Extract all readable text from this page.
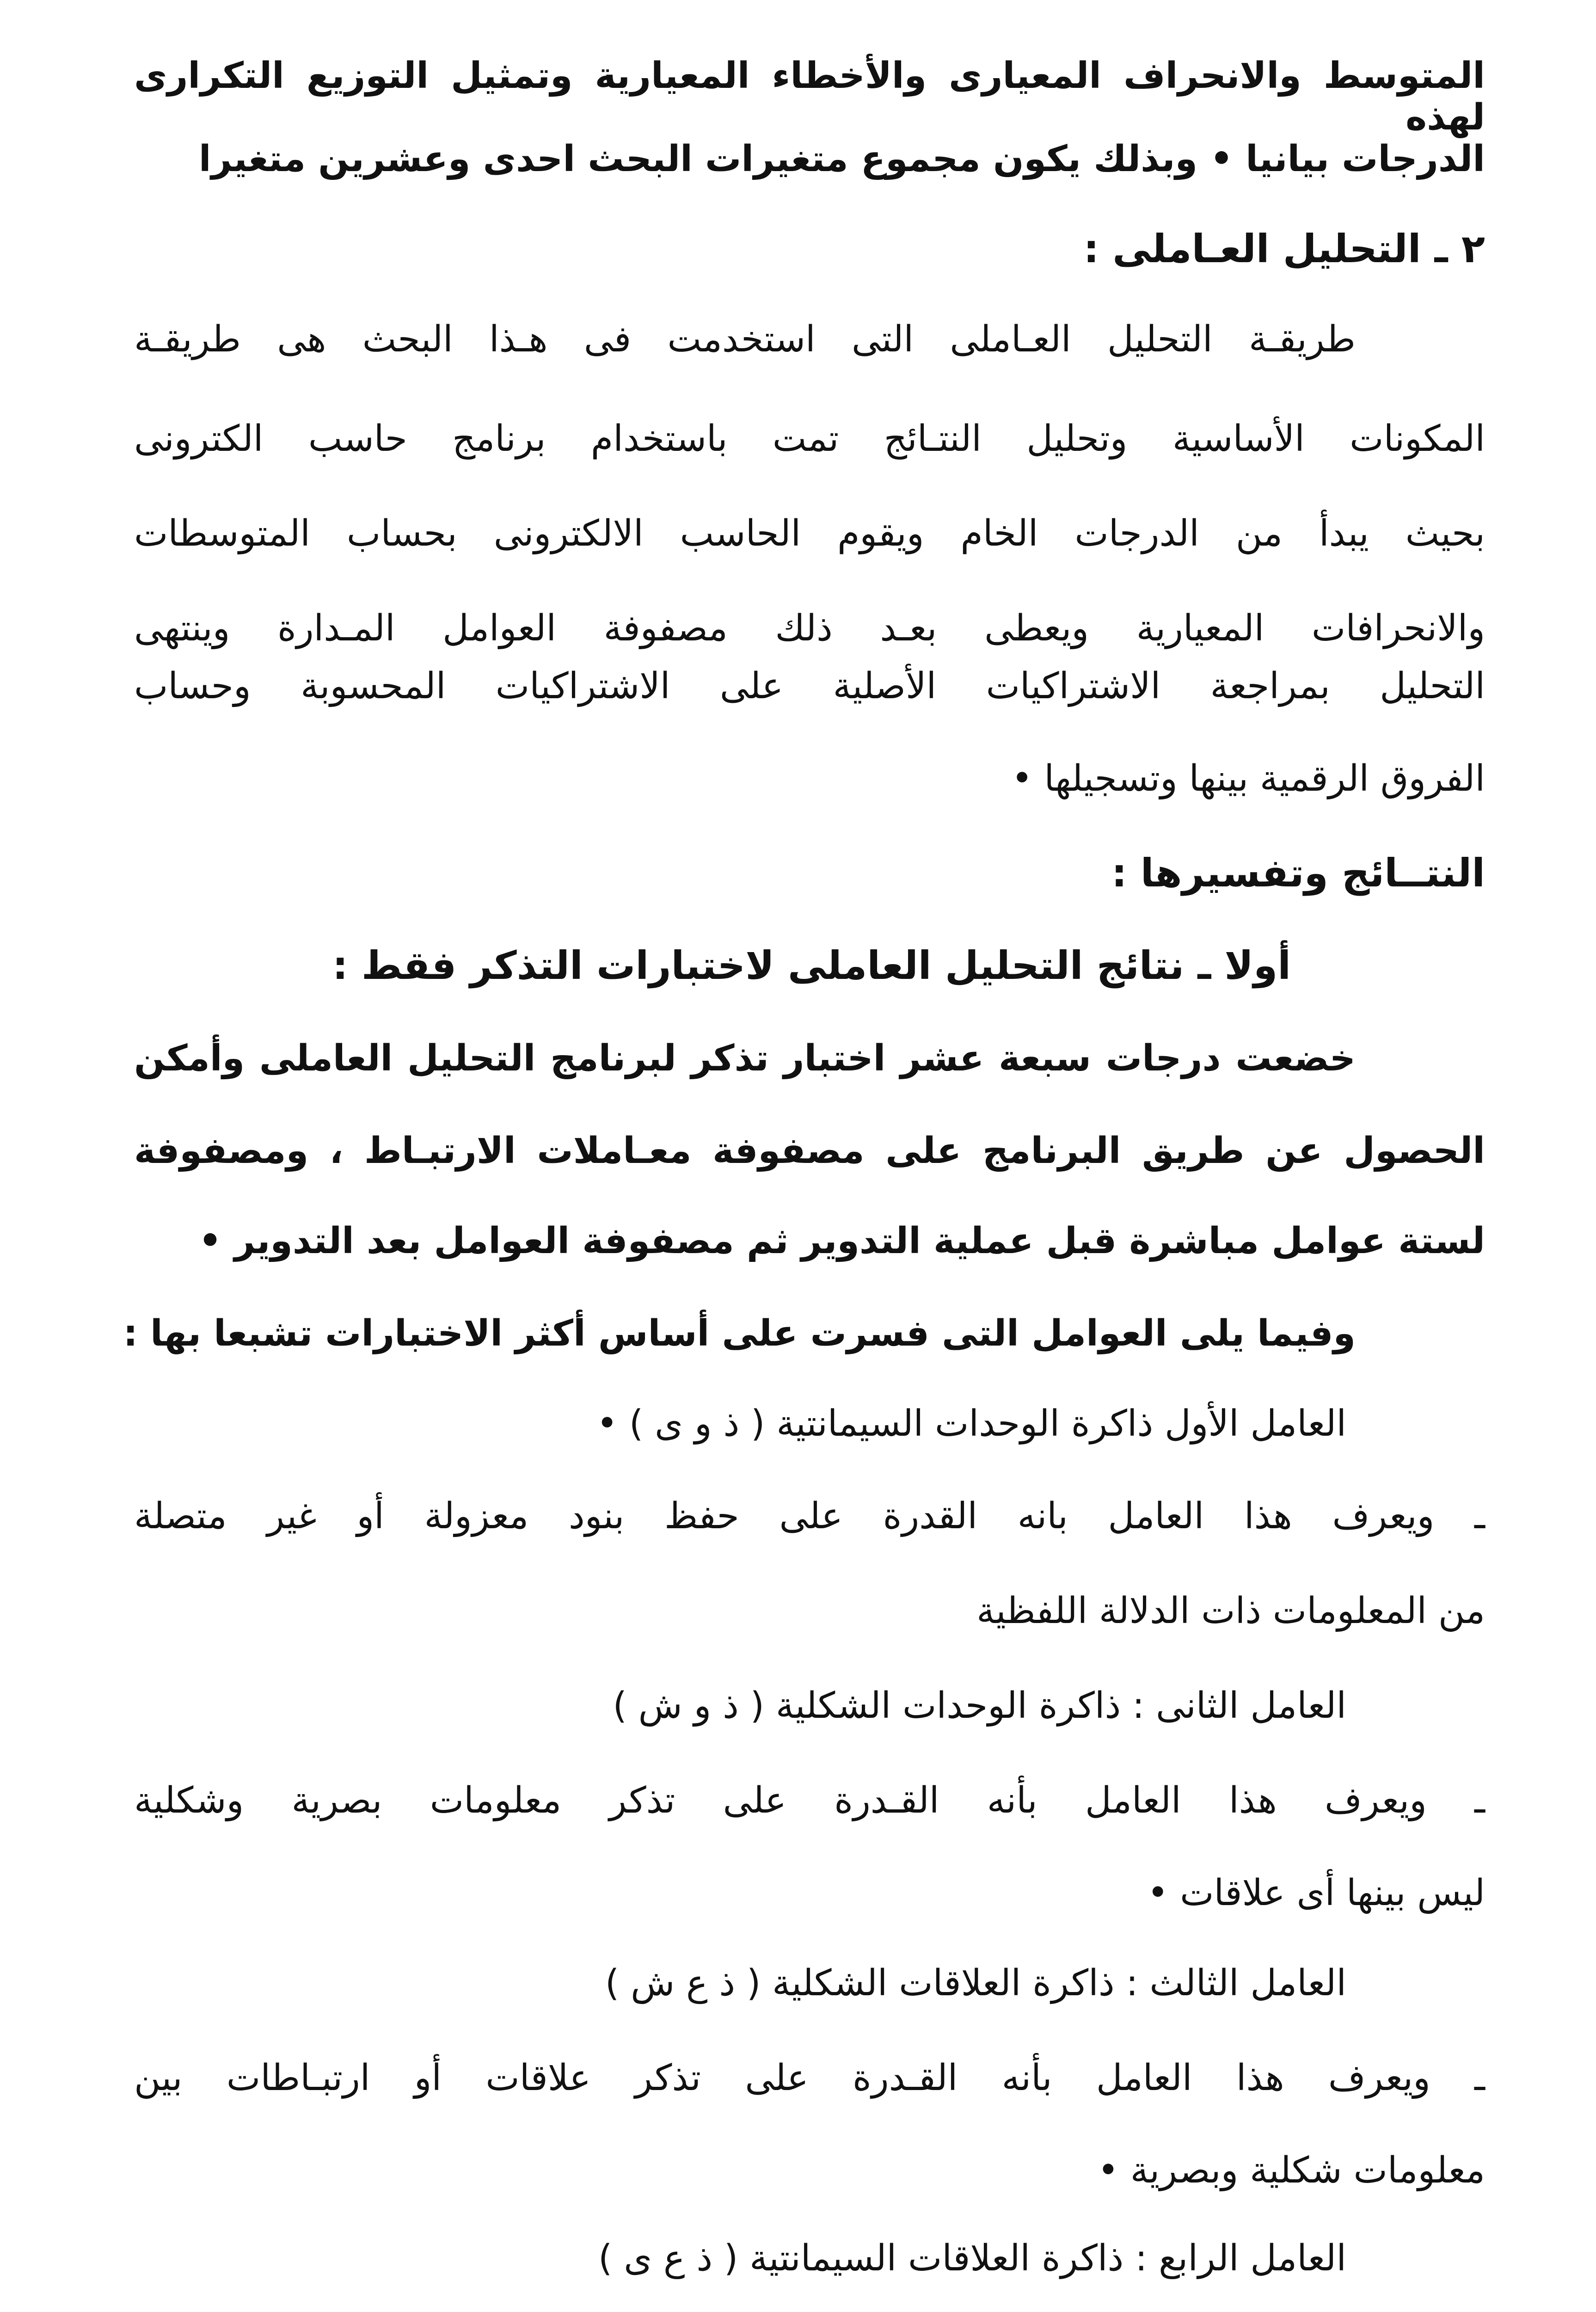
المتوسط والانحراف المعيارى والأخطاء المعيارية وتمثيل التوزيع التكرارى لهذه
الدرجات بيانيا • وبذلك يكون مجموع متغيرات البحث احدى وعشرين متغيرا
٢ ـ التحليل العـاملى :
طريقـة التحليل العـاملى التى استخدمت فى هـذا البحث هى طريقـة
المكونات الأساسية وتحليل النتـائج تمت باستخدام برنامج حاسب الكترونى
بحيث يبدأ من الدرجات الخام ويقوم الحاسب الالكترونى بحساب المتوسطات
والانحرافات المعيارية ويعطى بعـد ذلك مصفوفة العوامل المـدارة وينتهى
التحليل بمراجعة الاشتراكيات الأصلية على الاشتراكيات المحسوبة وحساب
الفروق الرقمية بينها وتسجيلها •
النتــائج وتفسيرها :
أولا ـ نتائج التحليل العاملى لاختبارات التذكر فقط :
خضعت درجات سبعة عشر اختبار تذكر لبرنامج التحليل العاملى وأمكن
الحصول عن طريق البرنامج على مصفوفة معـاملات الارتبـاط ، ومصفوفة
لستة عوامل مباشرة قبل عملية التدوير ثم مصفوفة العوامل بعد التدوير •
وفيما يلى العوامل التى فسرت على أساس أكثر الاختبارات تشبعا بها :
العامل الأول ذاكرة الوحدات السيمانتية ( ذ و ى ) •
ـ ويعرف هذا العامل بانه القدرة على حفظ بنود معزولة أو غير متصلة
من المعلومات ذات الدلالة اللفظية
العامل الثانى : ذاكرة الوحدات الشكلية ( ذ و ش )
ـ ويعرف هذا العامل بأنه القـدرة على تذكر معلومات بصرية وشكلية
ليس بينها أى علاقات •
العامل الثالث : ذاكرة العلاقات الشكلية ( ذ ع ش )
ـ ويعرف هذا العامل بأنه القـدرة على تذكر علاقات أو ارتبـاطات بين
معلومات شكلية وبصرية •
العامل الرابع : ذاكرة العلاقات السيمانتية ( ذ ع ى )
